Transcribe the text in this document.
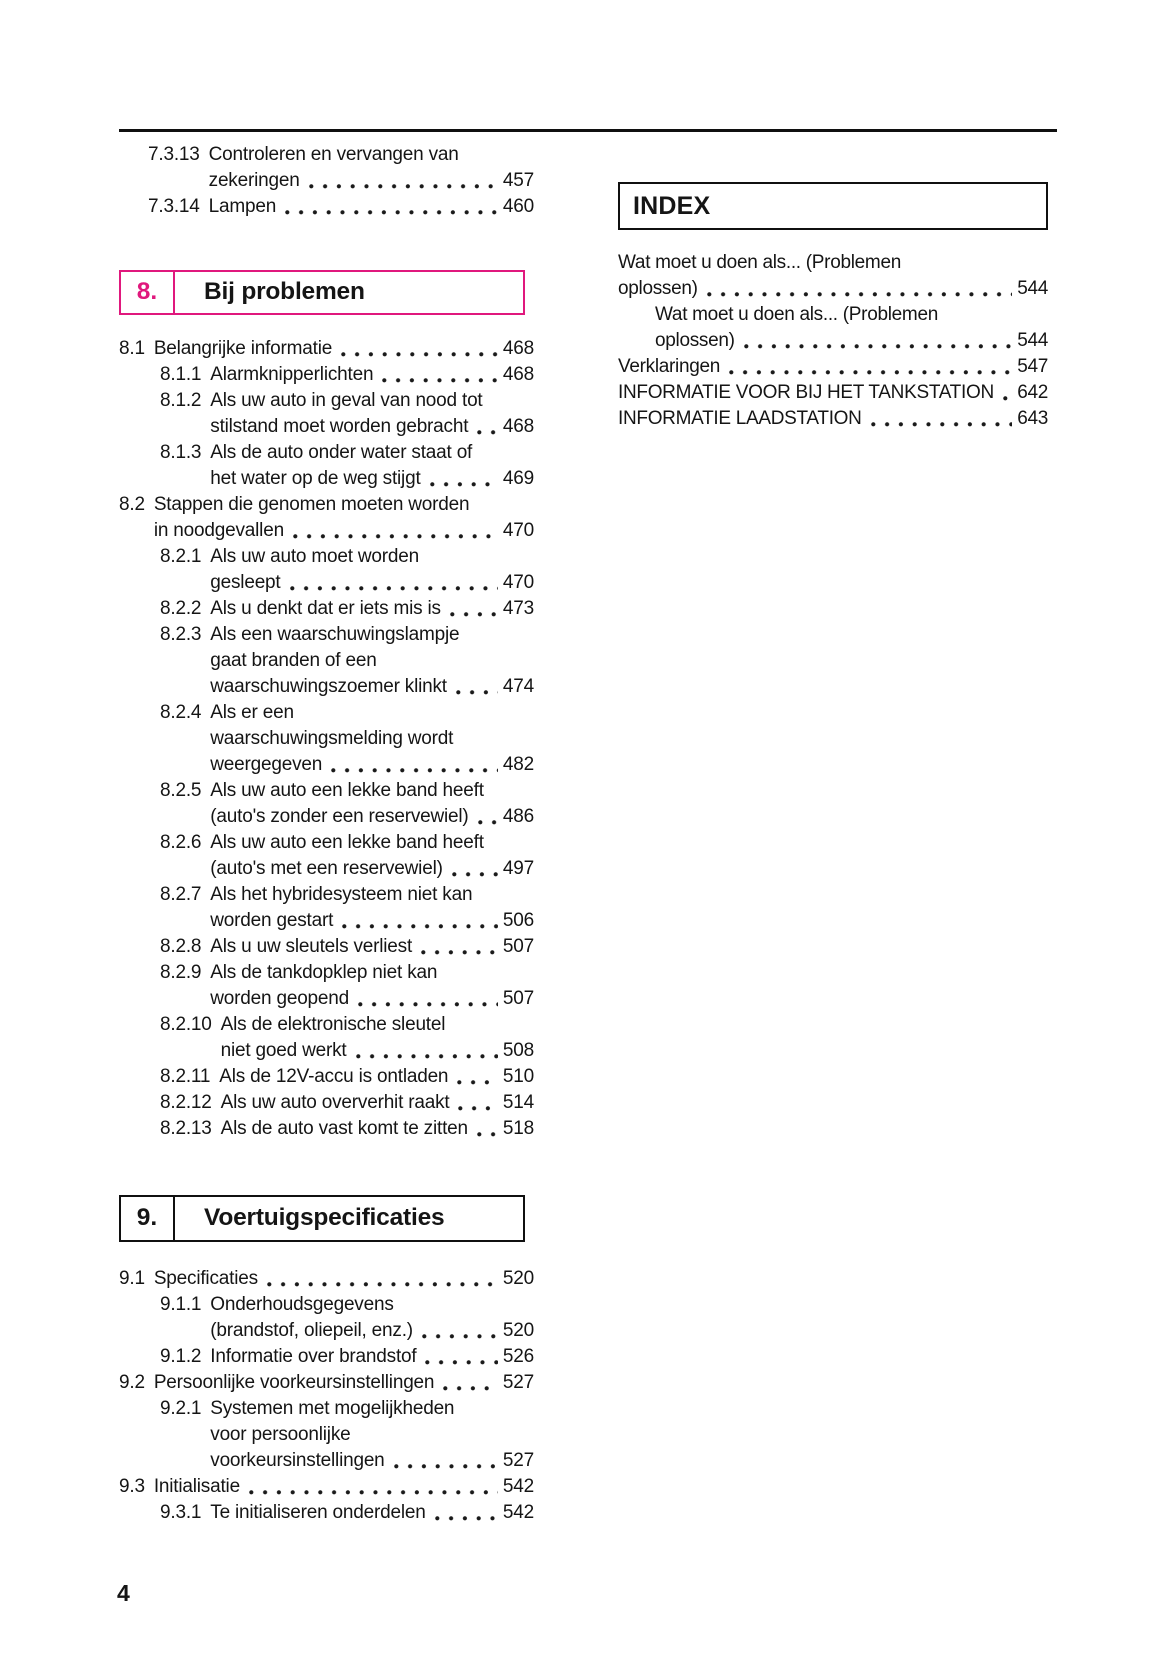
7.3.13 Controleren en vervangen van
zekeringen	457
7.3.14 Lampen	460
8.	Bij problemen
8.1 Belangrijke informatie	468
8.1.1 Alarmknipperlichten	468
8.1.2 Als uw auto in geval van nood tot
stilstand moet worden gebracht 468
8.1.3 Als de auto onder water staat of
het water op de weg stijgt	469
8.2 Stappen die genomen moeten worden
in noodgevallen	470
8.2.1 Als uw auto moet worden
gesleept	470
8.2.2 Als u denkt dat er iets mis is	473
8.2.3 Als een waarschuwingslampje
gaat branden of een
waarschuwingszoemer klinkt	474
8.2.4 Als er een
waarschuwingsmelding wordt
weergegeven	482
8.2.5 Als uw auto een lekke band heeft
(auto's zonder een reservewiel) 486
8.2.6 Als uw auto een lekke band heeft
(auto's met een reservewiel)	497
8.2.7 Als het hybridesysteem niet kan
worden gestart	506
8.2.8 Als u uw sleutels verliest	507
8.2.9 Als de tankdopklep niet kan
worden geopend	507
8.2.10 Als de elektronische sleutel
niet goed werkt	508
8.2.11 Als de 12V-accu is ontladen	510
8.2.12 Als uw auto oververhit raakt	514
8.2.13 Als de auto vast komt te zitten 518
9.	Voertuigspecificaties
9.1 Specificaties	520
9.1.1 Onderhoudsgegevens
(brandstof, oliepeil, enz.)	520
9.1.2 Informatie over brandstof	526
9.2 Persoonlijke voorkeursinstellingen	527
9.2.1 Systemen met mogelijkheden
voor persoonlijke
voorkeursinstellingen	527
9.3 Initialisatie	542
9.3.1 Te initialiseren onderdelen	542
INDEX
Wat moet u doen als... (Problemen
oplossen)	544
Wat moet u doen als... (Problemen
oplossen)	544
Verklaringen	547
INFORMATIE VOOR BIJ HET TANKSTATION 642
INFORMATIE LAADSTATION	643
4
